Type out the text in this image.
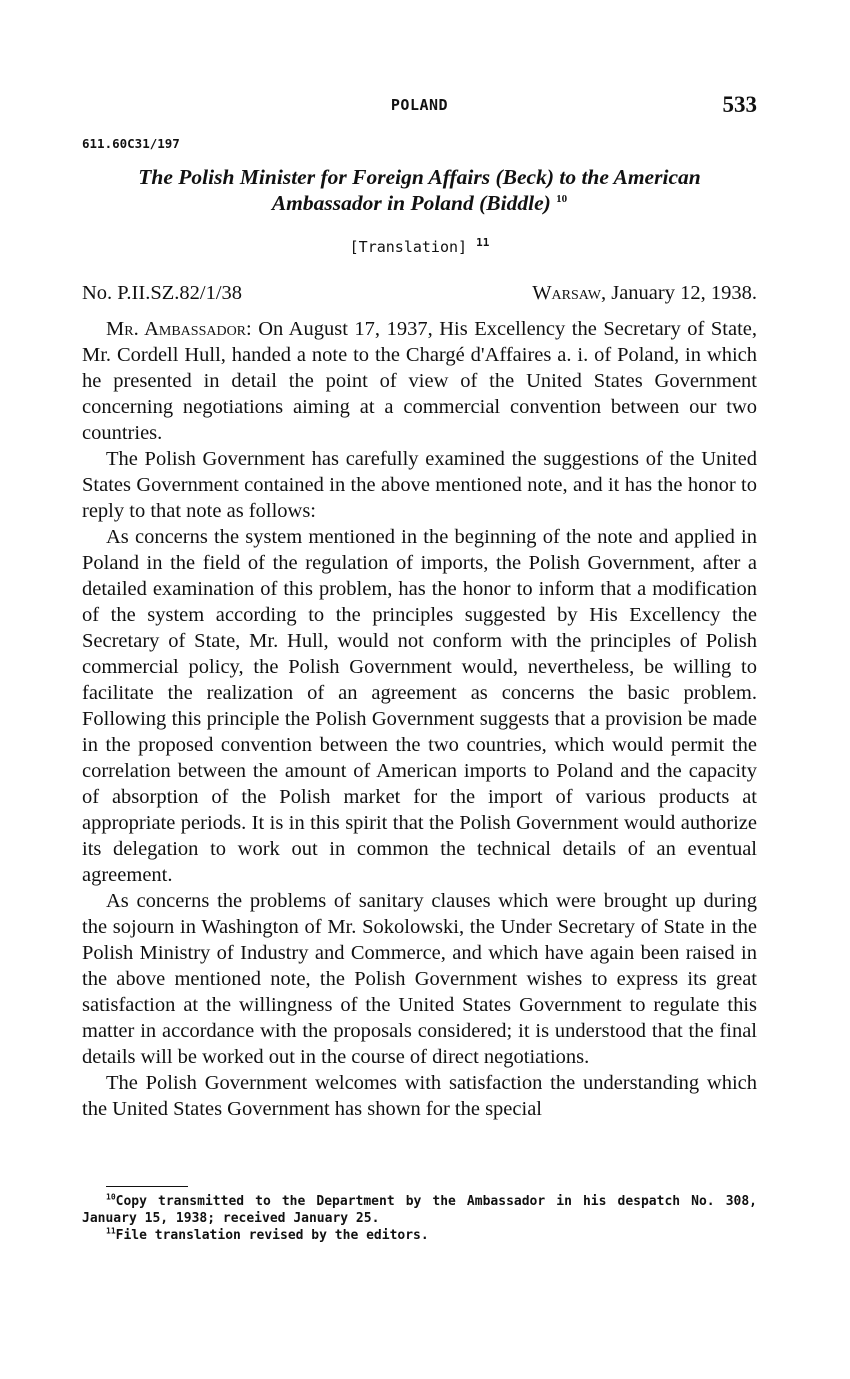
POLAND	533
611.60C31/197
The Polish Minister for Foreign Affairs (Beck) to the American
Ambassador in Poland (Biddle) $^{10}$
[Translation] $^{11}$
No. P.II.SZ.82/1/38	Warsaw, January 12, 1938.

Mr. Ambassador: On August 17, 1937, His Excellency the Secretary of State, Mr. Cordell Hull, handed a note to the Chargé d'Affaires a. i. of Poland, in which he presented in detail the point of view of the United States Government concerning negotiations aiming at a commercial convention between our two countries.

The Polish Government has carefully examined the suggestions of the United States Government contained in the above mentioned note, and it has the honor to reply to that note as follows:

As concerns the system mentioned in the beginning of the note and applied in Poland in the field of the regulation of imports, the Polish Government, after a detailed examination of this problem, has the honor to inform that a modification of the system according to the principles suggested by His Excellency the Secretary of State, Mr. Hull, would not conform with the principles of Polish commercial policy, the Polish Government would, nevertheless, be willing to facilitate the realization of an agreement as concerns the basic problem. Following this principle the Polish Government suggests that a provision be made in the proposed convention between the two countries, which would permit the correlation between the amount of American imports to Poland and the capacity of absorption of the Polish market for the import of various products at appropriate periods. It is in this spirit that the Polish Government would authorize its delegation to work out in common the technical details of an eventual agreement.

As concerns the problems of sanitary clauses which were brought up during the sojourn in Washington of Mr. Sokolowski, the Under Secretary of State in the Polish Ministry of Industry and Commerce, and which have again been raised in the above mentioned note, the Polish Government wishes to express its great satisfaction at the willingness of the United States Government to regulate this matter in accordance with the proposals considered; it is understood that the final details will be worked out in the course of direct negotiations.

The Polish Government welcomes with satisfaction the understanding which the United States Government has shown for the special

$^{10}$Copy transmitted to the Department by the Ambassador in his despatch No. 308, January 15, 1938; received January 25.

$^{11}$File translation revised by the editors.
